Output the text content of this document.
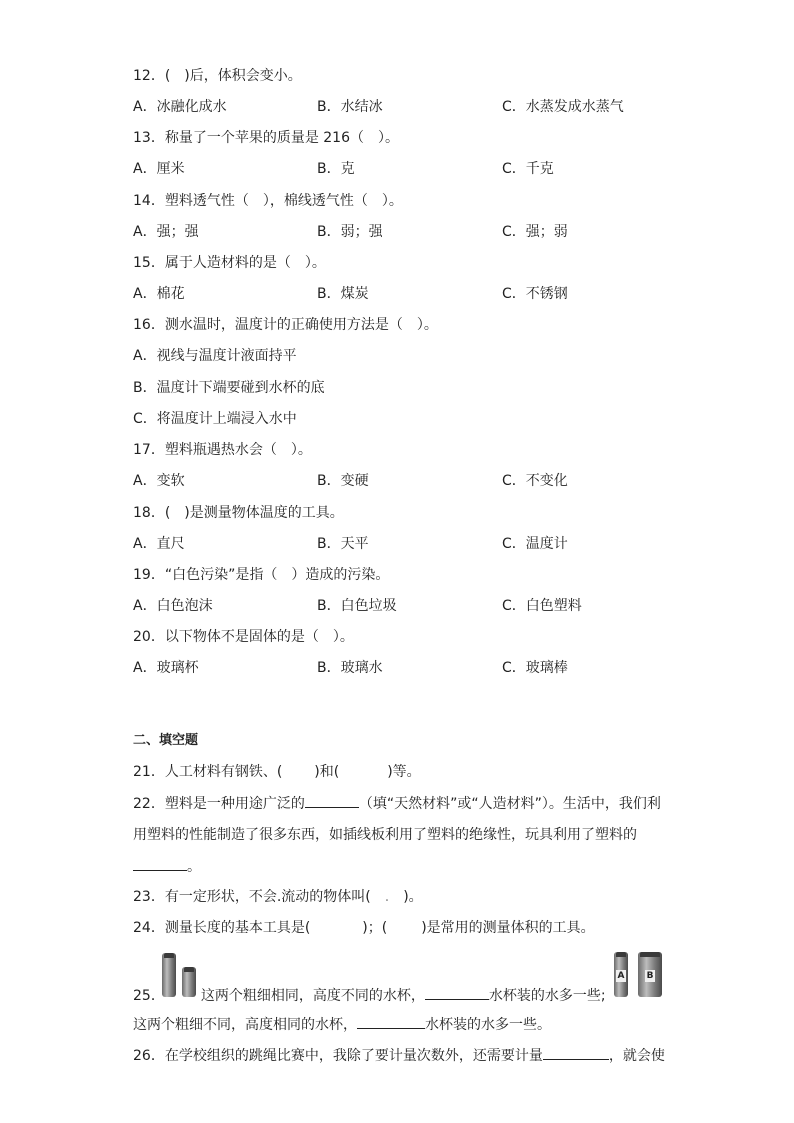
12．(　)后，体积会变小。
A．冰融化成水	B．水结冰	C．水蒸发成水蒸气
13．称量了一个苹果的质量是 216（　）。
A．厘米	B．克	C．千克
14．塑料透气性（　），棉线透气性（　）。
A．强；强	B．弱；强	C．强；弱
15．属于人造材料的是（　）。
A．棉花	B．煤炭	C．不锈钢
16．测水温时，温度计的正确使用方法是（　）。
A．视线与温度计液面持平
B．温度计下端要碰到水杯的底
C．将温度计上端浸入水中
17．塑料瓶遇热水会（　）。
A．变软	B．变硬	C．不变化
18．(　)是测量物体温度的工具。
A．直尺	B．天平	C．温度计
19．“白色污染”是指（　）造成的污染。
A．白色泡沫	B．白色垃圾	C．白色塑料
20．以下物体不是固体的是（　）。
A．玻璃杯	B．玻璃水	C．玻璃棒
二、填空题
21．人工材料有钢铁、( )和(	)等。
22．塑料是一种用途广泛的	（填“天然材料”或“人造材料”）。生活中，我们利
用塑料的性能制造了很多东西，如插线板利用了塑料的绝缘性，玩具利用了塑料的
。
23．有一定形状，不会.流动的物体叫( . )。
24．测量长度的基本工具是(	)；( )是常用的测量体积的工具。
25．	这两个粗细相同，高度不同的水杯，	水杯装的水多一些;
A B
这两个粗细不同，高度相同的水杯，	水杯装的水多一些。
26．在学校组织的跳绳比赛中，我除了要计量次数外，还需要计量	，就会使
